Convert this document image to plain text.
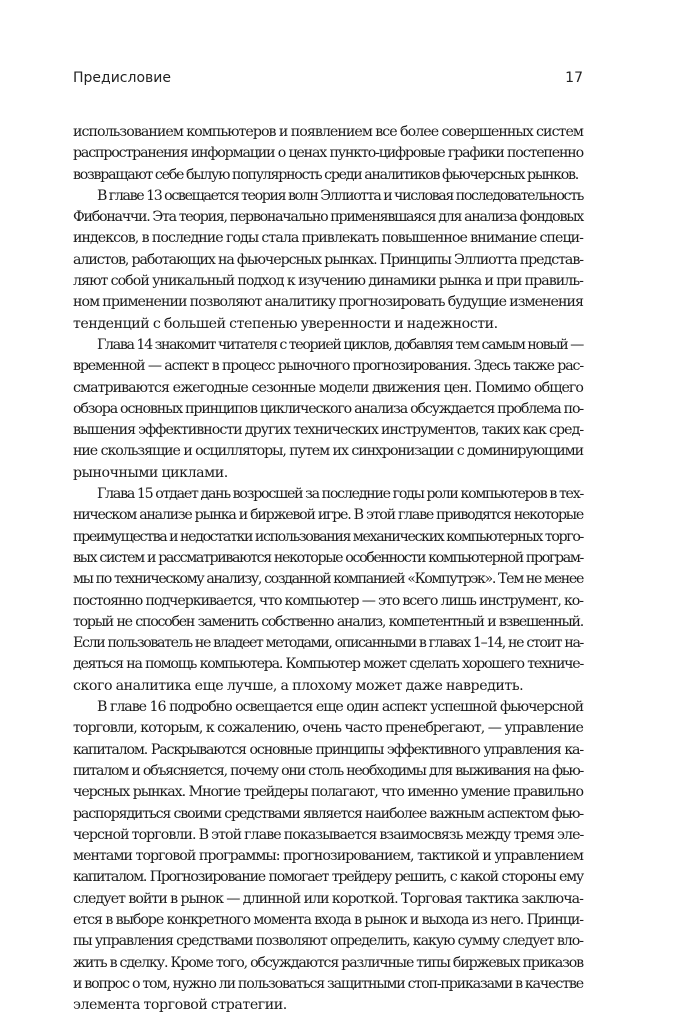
Предисловие	17
использованием компьютеров и появлением все более совершенных систем
распространения информации о ценах пункто-цифровые графики постепенно
возвращают себе былую популярность среди аналитиков фьючерсных рынков.
В главе 13 освещается теория волн Эллиотта и числовая последовательность
Фибоначчи. Эта теория, первоначально применявшаяся для анализа фондовых
индексов, в последние годы стала привлекать повышенное внимание специ-
алистов, работающих на фьючерсных рынках. Принципы Эллиотта представ-
ляют собой уникальный подход к изучению динамики рынка и при правиль-
ном применении позволяют аналитику прогнозировать будущие изменения
тенденций с большей степенью уверенности и надежности.
Глава 14 знакомит читателя с теорией циклов, добавляя тем самым новый —
временной — аспект в процесс рыночного прогнозирования. Здесь также рас-
сматриваются ежегодные сезонные модели движения цен. Помимо общего
обзора основных принципов циклического анализа обсуждается проблема по-
вышения эффективности других технических инструментов, таких как сред-
ние скользящие и осцилляторы, путем их синхронизации с доминирующими
рыночными циклами.
Глава 15 отдает дань возросшей за последние годы роли компьютеров в тех-
ническом анализе рынка и биржевой игре. В этой главе приводятся некоторые
преимущества и недостатки использования механических компьютерных торго-
вых систем и рассматриваются некоторые особенности компьютерной програм-
мы по техническому анализу, созданной компанией «Компутрэк». Тем не менее
постоянно подчеркивается, что компьютер — это всего лишь инструмент, ко-
торый не способен заменить собственно анализ, компетентный и взвешенный.
Если пользователь не владеет методами, описанными в главах 1–14, не стоит на-
деяться на помощь компьютера. Компьютер может сделать хорошего техниче-
ского аналитика еще лучше, а плохому может даже навредить.
В главе 16 подробно освещается еще один аспект успешной фьючерсной
торговли, которым, к сожалению, очень часто пренебрегают, — управление
капиталом. Раскрываются основные принципы эффективного управления ка-
питалом и объясняется, почему они столь необходимы для выживания на фью-
черсных рынках. Многие трейдеры полагают, что именно умение правильно
распорядиться своими средствами является наиболее важным аспектом фью-
черсной торговли. В этой главе показывается взаимосвязь между тремя эле-
ментами торговой программы: прогнозированием, тактикой и управлением
капиталом. Прогнозирование помогает трейдеру решить, с какой стороны ему
следует войти в рынок — длинной или короткой. Торговая тактика заключа-
ется в выборе конкретного момента входа в рынок и выхода из него. Принци-
пы управления средствами позволяют определить, какую сумму следует вло-
жить в сделку. Кроме того, обсуждаются различные типы биржевых приказов
и вопрос о том, нужно ли пользоваться защитными стоп-приказами в качестве
элемента торговой стратегии.
